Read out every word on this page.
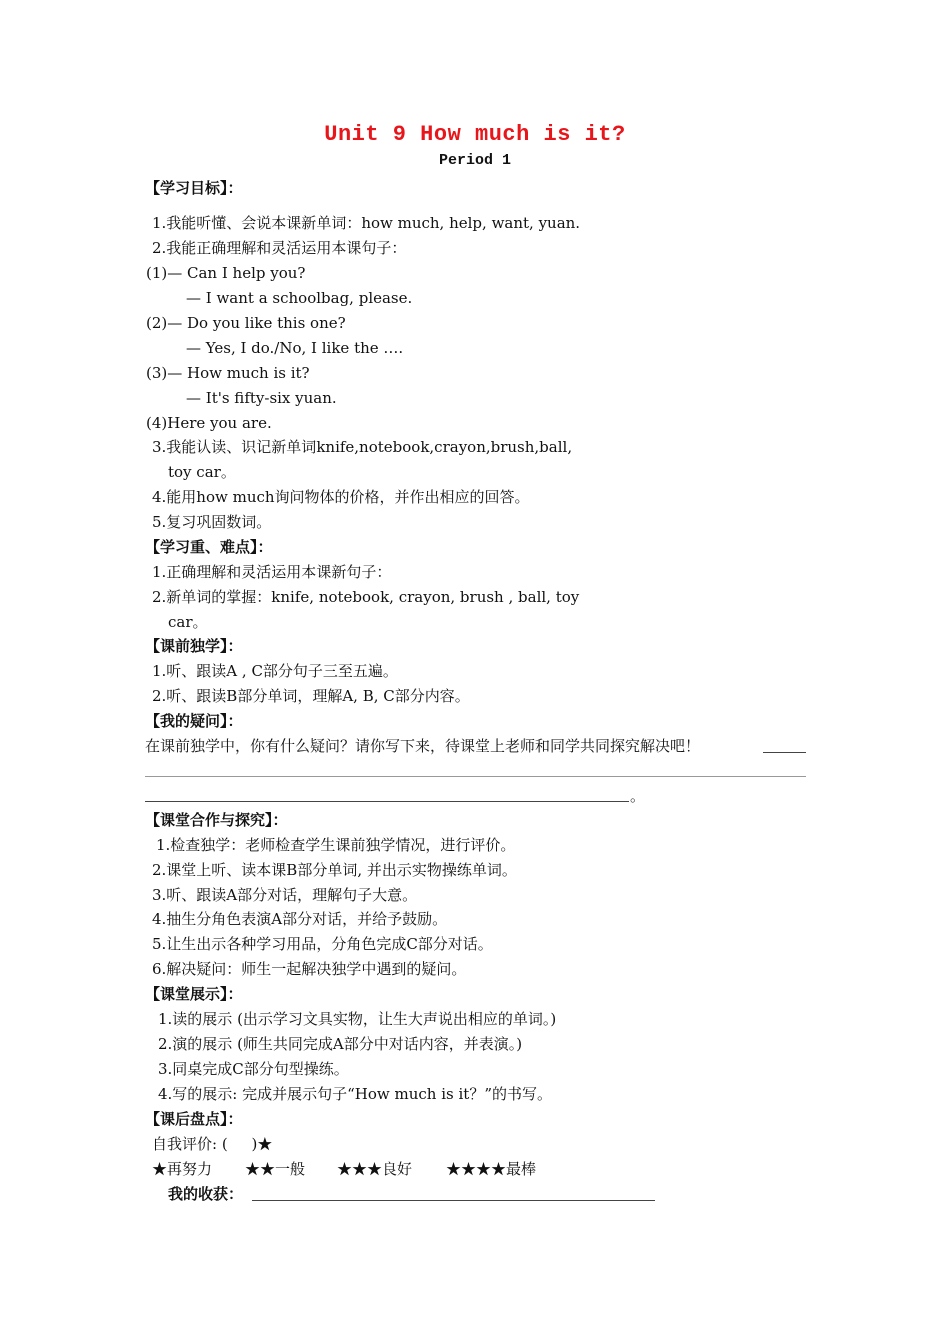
Unit 9 How much is it?
Period 1
【学习目标】：
1.我能听懂、会说本课新单词：how much, help, want, yuan.
2.我能正确理解和灵活运用本课句子：
(1)— Can I help you?
— I want a schoolbag, please.
(2)— Do you like this one?
— Yes, I do./No, I like the ….
(3)— How much is it?
— It's fifty-six yuan.
(4)Here you are.
3.我能认读、识记新单词knife,notebook,crayon,brush,ball,
toy car。
4.能用how much询问物体的价格，并作出相应的回答。
5.复习巩固数词。
【学习重、难点】：
1.正确理解和灵活运用本课新句子：
2.新单词的掌握：knife, notebook, crayon, brush , ball, toy
car。
【课前独学】：
1.听、跟读A , C部分句子三至五遍。
2.听、跟读B部分单词，理解A, B, C部分内容。
【我的疑问】：
在课前独学中，你有什么疑问？请你写下来，待课堂上老师和同学共同探究解决吧！
。
【课堂合作与探究】：
1.检查独学：老师检查学生课前独学情况，进行评价。
2.课堂上听、读本课B部分单词, 并出示实物操练单词。
3.听、跟读A部分对话，理解句子大意。
4.抽生分角色表演A部分对话，并给予鼓励。
5.让生出示各种学习用品，分角色完成C部分对话。
6.解决疑问：师生一起解决独学中遇到的疑问。
【课堂展示】：
1.读的展示 (出示学习文具实物，让生大声说出相应的单词。)
2.演的展示 (师生共同完成A部分中对话内容，并表演。)
3.同桌完成C部分句型操练。
4.写的展示: 完成并展示句子“How much is it？”的书写。
【课后盘点】：
自我评价: (     )★
★再努力 ★★一般 ★★★良好 ★★★★最棒
我的收获：
